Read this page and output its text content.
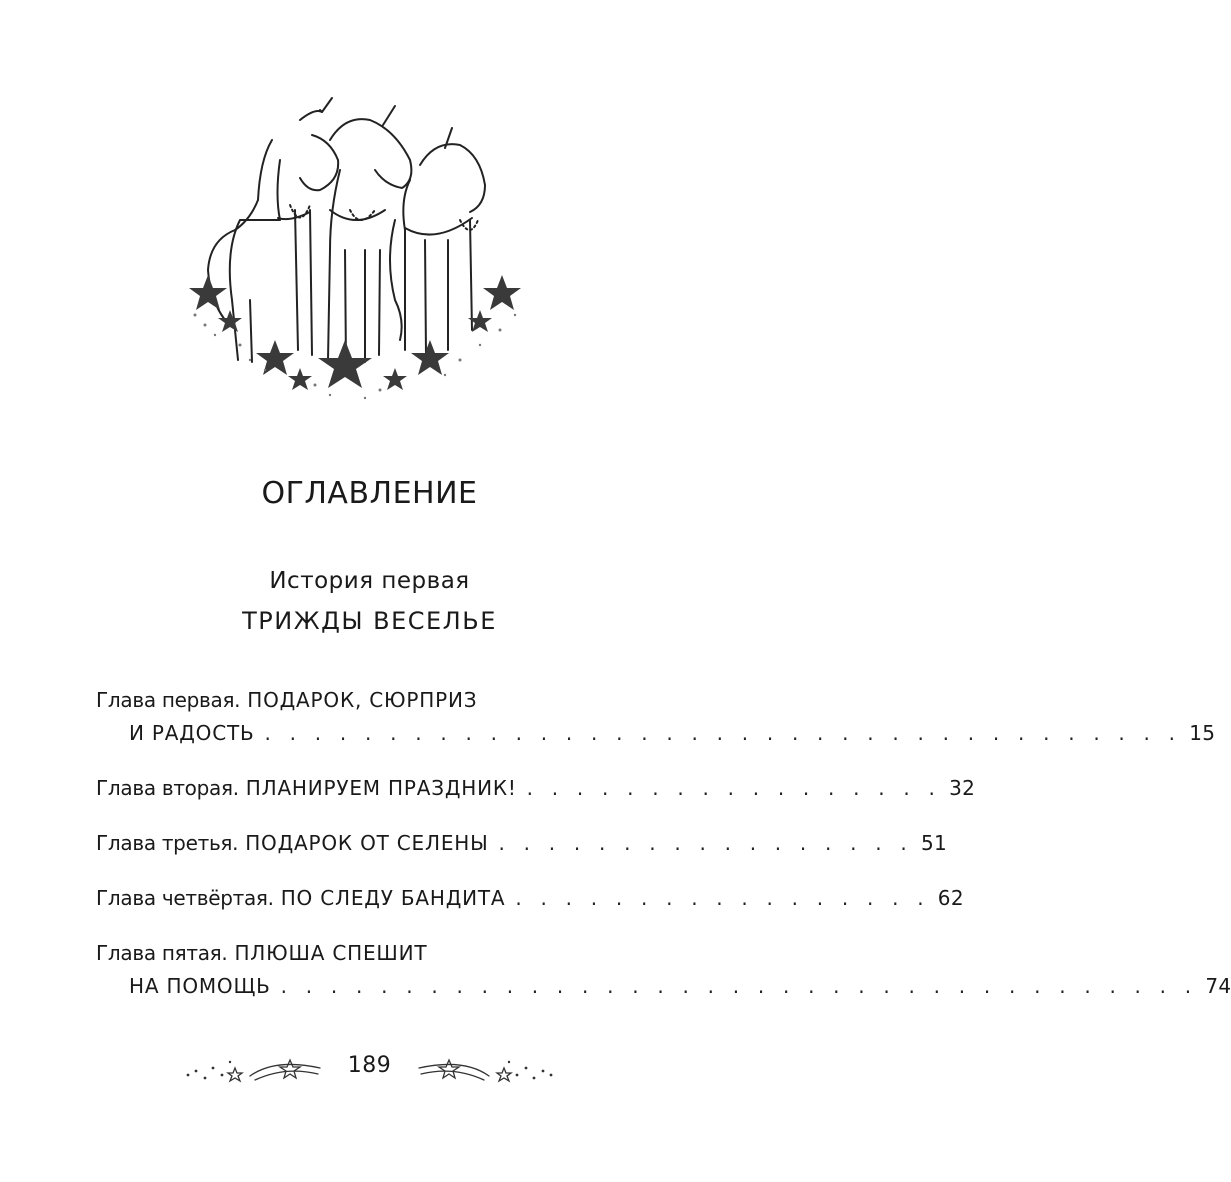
ОГЛАВЛЕНИЕ
История первая
ТРИЖДЫ ВЕСЕЛЬЕ
Глава первая. ПОДАРОК, СЮРПРИЗ
И РАДОСТЬ . . . . . . . . . . . . . . . . . . . . . . . . . . . . . . . . . . . . . 15
Глава вторая. ПЛАНИРУЕМ ПРАЗДНИК! . . . . . . . . . . . . . . . . . 32
Глава третья. ПОДАРОК ОТ СЕЛЕНЫ . . . . . . . . . . . . . . . . . 51
Глава четвёртая. ПО СЛЕДУ БАНДИТА . . . . . . . . . . . . . . . . . 62
Глава пятая. ПЛЮША СПЕШИТ
НА ПОМОЩЬ . . . . . . . . . . . . . . . . . . . . . . . . . . . . . . . . . . . . . 74
189
